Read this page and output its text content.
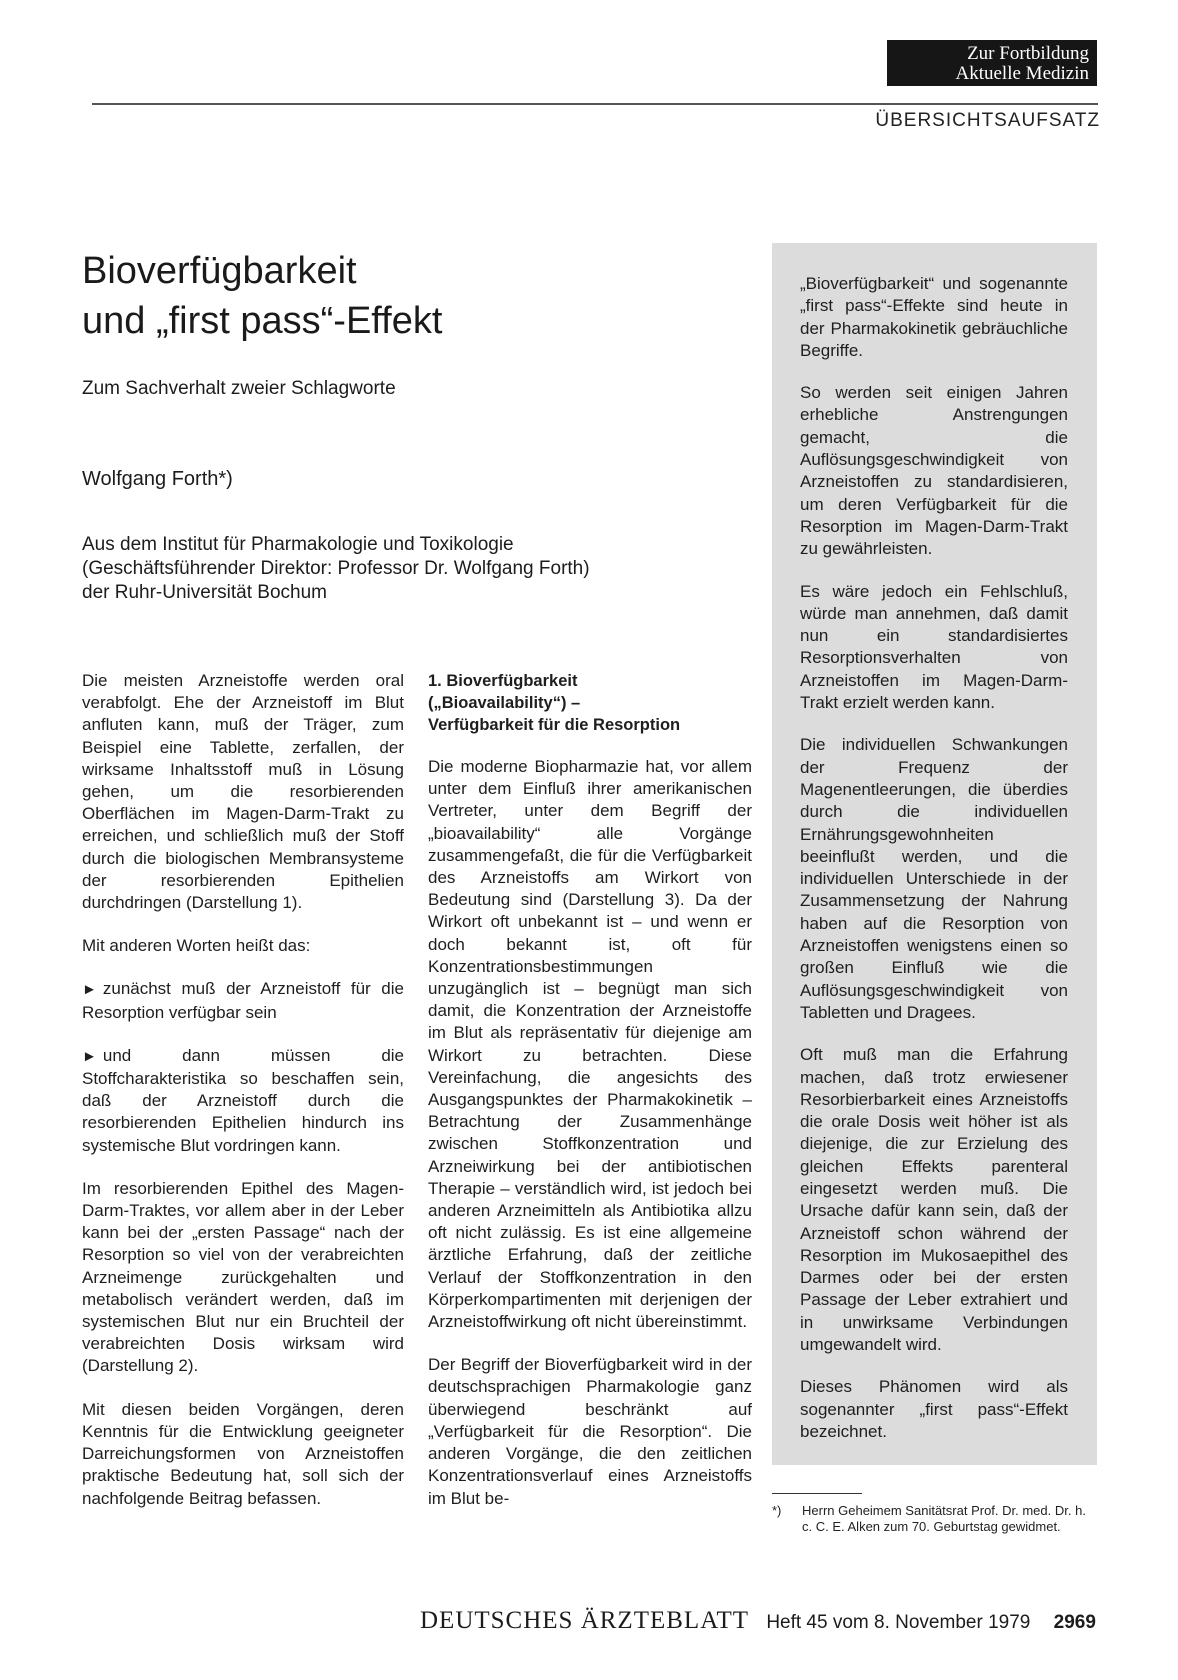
Zur Fortbildung
Aktuelle Medizin
ÜBERSICHTSAUFSATZ
Bioverfügbarkeit
und „first pass“-Effekt
Zum Sachverhalt zweier Schlagworte
Wolfgang Forth*)
Aus dem Institut für Pharmakologie und Toxikologie
(Geschäftsführender Direktor: Professor Dr. Wolfgang Forth)
der Ruhr-Universität Bochum

Die meisten Arzneistoffe werden oral verabfolgt. Ehe der Arzneistoff im Blut anfluten kann, muß der Träger, zum Beispiel eine Tablette, zerfallen, der wirksame Inhaltsstoff muß in Lösung gehen, um die resorbierenden Oberflächen im Magen-Darm-Trakt zu erreichen, und schließlich muß der Stoff durch die biologischen Membransysteme der resorbierenden Epithelien durchdringen (Darstellung 1).

Mit anderen Worten heißt das:

► zunächst muß der Arzneistoff für die Resorption verfügbar sein

► und dann müssen die Stoffcharakteristika so beschaffen sein, daß der Arzneistoff durch die resorbierenden Epithelien hindurch ins systemische Blut vordringen kann.

Im resorbierenden Epithel des Magen-Darm-Traktes, vor allem aber in der Leber kann bei der „ersten Passage“ nach der Resorption so viel von der verabreichten Arzneimenge zurückgehalten und metabolisch verändert werden, daß im systemischen Blut nur ein Bruchteil der verabreichten Dosis wirksam wird (Darstellung 2).

Mit diesen beiden Vorgängen, deren Kenntnis für die Entwicklung geeigneter Darreichungsformen von Arzneistoffen praktische Bedeutung hat, soll sich der nachfolgende Beitrag befassen.

1. Bioverfügbarkeit
(„Bioavailability“) –
Verfügbarkeit für die Resorption

Die moderne Biopharmazie hat, vor allem unter dem Einfluß ihrer amerikanischen Vertreter, unter dem Begriff der „bioavailability“ alle Vorgänge zusammengefaßt, die für die Verfügbarkeit des Arzneistoffs am Wirkort von Bedeutung sind (Darstellung 3). Da der Wirkort oft unbekannt ist – und wenn er doch bekannt ist, oft für Konzentrationsbestimmungen unzugänglich ist – begnügt man sich damit, die Konzentration der Arzneistoffe im Blut als repräsentativ für diejenige am Wirkort zu betrachten. Diese Vereinfachung, die angesichts des Ausgangspunktes der Pharmakokinetik – Betrachtung der Zusammenhänge zwischen Stoffkonzentration und Arzneiwirkung bei der antibiotischen Therapie – verständlich wird, ist jedoch bei anderen Arzneimitteln als Antibiotika allzu oft nicht zulässig. Es ist eine allgemeine ärztliche Erfahrung, daß der zeitliche Verlauf der Stoffkonzentration in den Körperkompartimenten mit derjenigen der Arzneistoffwirkung oft nicht übereinstimmt.

Der Begriff der Bioverfügbarkeit wird in der deutschsprachigen Pharmakologie ganz überwiegend beschränkt auf „Verfügbarkeit für die Resorption“. Die anderen Vorgänge, die den zeitlichen Konzentrationsverlauf eines Arzneistoffs im Blut be-

„Bioverfügbarkeit“ und sogenannte „first pass“-Effekte sind heute in der Pharmakokinetik gebräuchliche Begriffe.

So werden seit einigen Jahren erhebliche Anstrengungen gemacht, die Auflösungsgeschwindigkeit von Arzneistoffen zu standardisieren, um deren Verfügbarkeit für die Resorption im Magen-Darm-Trakt zu gewährleisten.

Es wäre jedoch ein Fehlschluß, würde man annehmen, daß damit nun ein standardisiertes Resorptionsverhalten von Arzneistoffen im Magen-Darm-Trakt erzielt werden kann.

Die individuellen Schwankungen der Frequenz der Magenentleerungen, die überdies durch die individuellen Ernährungsgewohnheiten beeinflußt werden, und die individuellen Unterschiede in der Zusammensetzung der Nahrung haben auf die Resorption von Arzneistoffen wenigstens einen so großen Einfluß wie die Auflösungsgeschwindigkeit von Tabletten und Dragees.

Oft muß man die Erfahrung machen, daß trotz erwiesener Resorbierbarkeit eines Arzneistoffs die orale Dosis weit höher ist als diejenige, die zur Erzielung des gleichen Effekts parenteral eingesetzt werden muß. Die Ursache dafür kann sein, daß der Arzneistoff schon während der Resorption im Mukosaepithel des Darmes oder bei der ersten Passage der Leber extrahiert und in unwirksame Verbindungen umgewandelt wird.

Dieses Phänomen wird als sogenannter „first pass“-Effekt bezeichnet.

*) Herrn Geheimem Sanitätsrat Prof. Dr. med. Dr. h. c. C. E. Alken zum 70. Geburtstag gewidmet.
DEUTSCHES ÄRZTEBLATT Heft 45 vom 8. November 1979 2969
